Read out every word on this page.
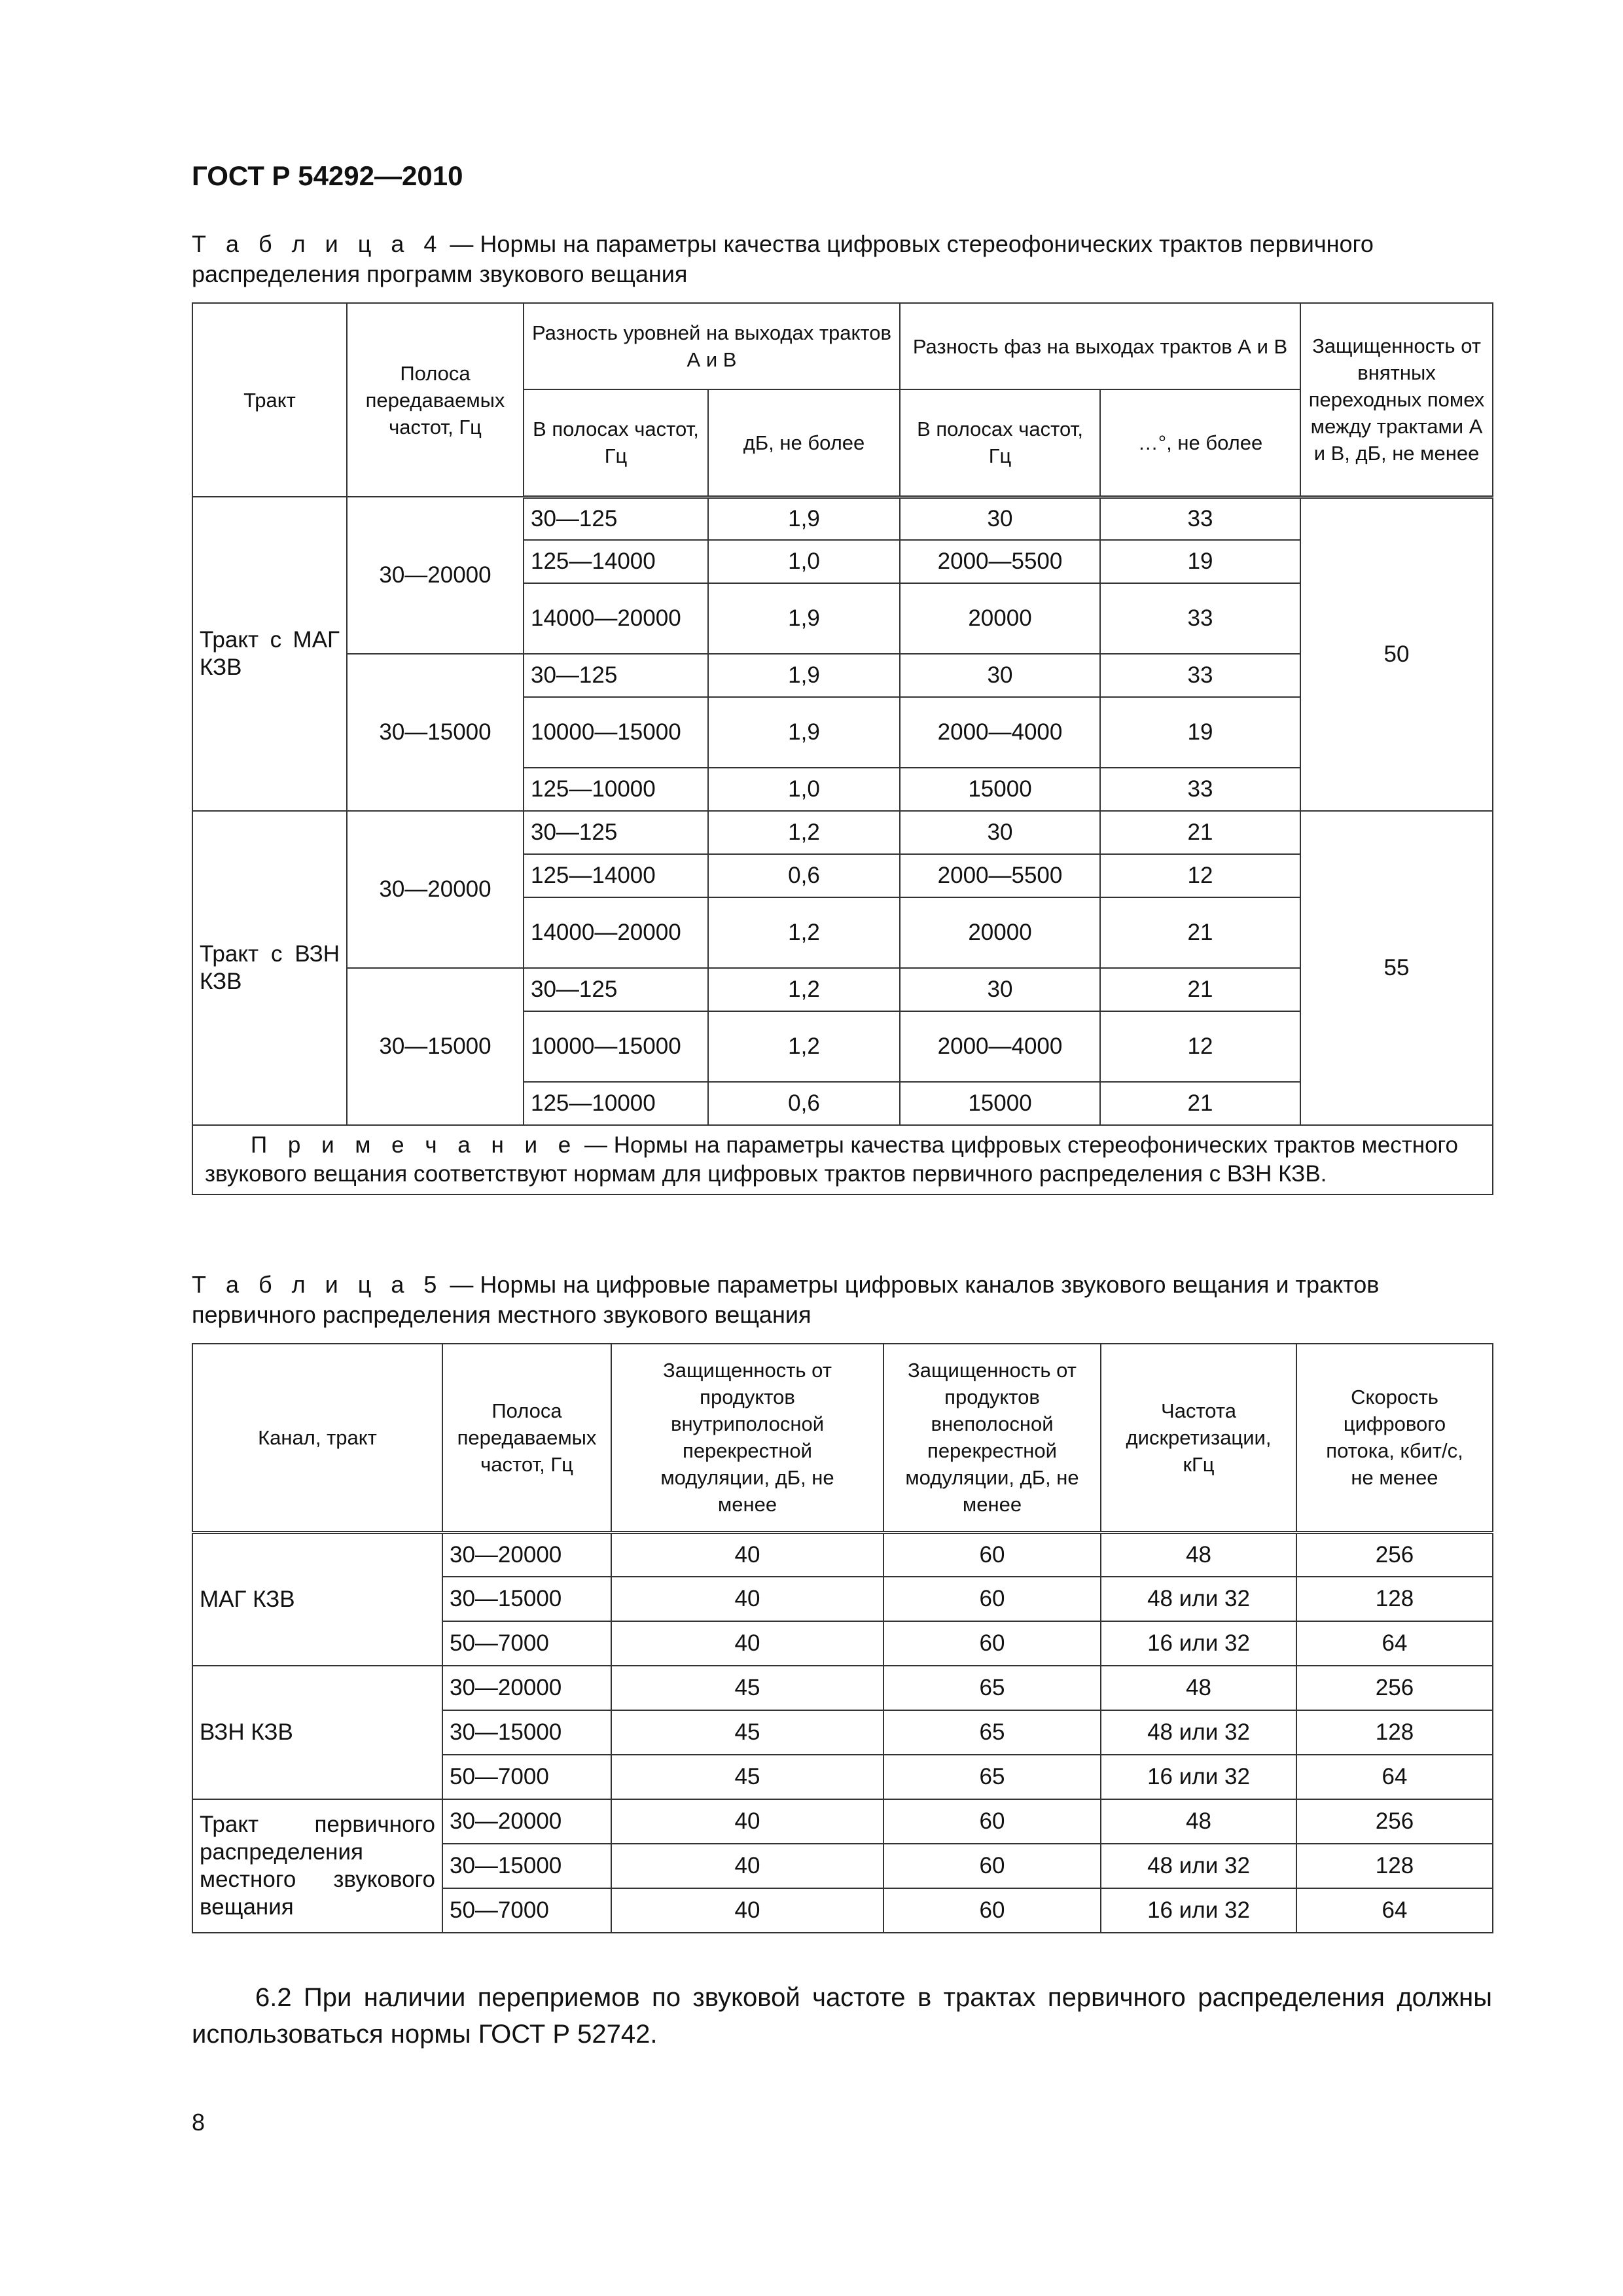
ГОСТ Р 54292—2010
Т а б л и ц а 4 — Нормы на параметры качества цифровых стереофонических трактов первичного распределения программ звукового вещания
Тракт	Полоса передаваемых частот, Гц	Разность уровней на выходах трактов А и В		Разность фаз на выходах трактов А и В		Защищенность от внятных переходных помех между трактами А и В, дБ, не менее
		В полосах частот, Гц	дБ, не более	В полосах частот, Гц	…°, не более	
Тракт с МАГ КЗВ	30—20000	30—125	1,9	30	33	50
		125—14000	1,0	2000—5500	19	
		14000—20000	1,9	20000	33	
	30—15000	30—125	1,9	30	33	
		10000—15000	1,9	2000—4000	19	
		125—10000	1,0	15000	33	
Тракт с ВЗН КЗВ	30—20000	30—125	1,2	30	21	55
		125—14000	0,6	2000—5500	12	
		14000—20000	1,2	20000	21	
	30—15000	30—125	1,2	30	21	
		10000—15000	1,2	2000—4000	12	
		125—10000	0,6	15000	21	
П р и м е ч а н и е — Нормы на параметры качества цифровых стереофонических трактов местного звукового вещания соответствуют нормам для цифровых трактов первичного распределения с ВЗН КЗВ.						
Т а б л и ц а 5 — Нормы на цифровые параметры цифровых каналов звукового вещания и трактов первичного распределения местного звукового вещания
Канал, тракт	Полоса передаваемых частот, Гц	Защищенность от продуктов внутриполосной перекрестной модуляции, дБ, не менее	Защищенность от продуктов внеполосной перекрестной модуляции, дБ, не менее	Частота дискретизации, кГц	Скорость цифрового потока, кбит/с, не менее
МАГ КЗВ	30—20000	40	60	48	256
	30—15000	40	60	48 или 32	128
	50—7000	40	60	16 или 32	64
ВЗН КЗВ	30—20000	45	65	48	256
	30—15000	45	65	48 или 32	128
	50—7000	45	65	16 или 32	64
Тракт первичного распределения местного звукового вещания	30—20000	40	60	48	256
	30—15000	40	60	48 или 32	128
	50—7000	40	60	16 или 32	64
6.2 При наличии переприемов по звуковой частоте в трактах первичного распределения должны использоваться нормы ГОСТ Р 52742.
8
